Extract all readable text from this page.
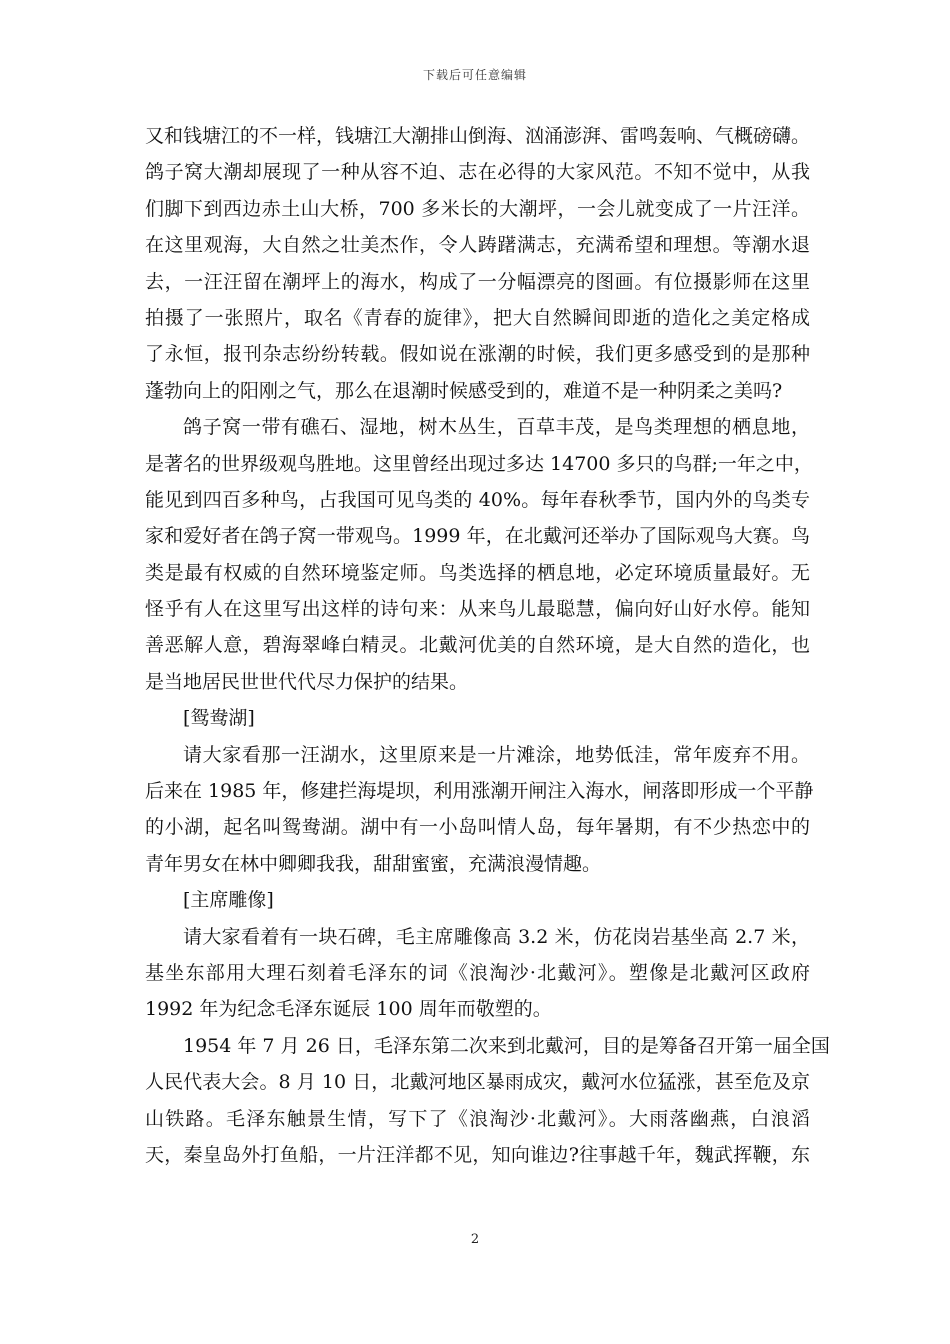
下载后可任意编辑
又和钱塘江的不一样，钱塘江大潮排山倒海、汹涌澎湃、雷鸣轰响、气概磅礴。
鸽子窝大潮却展现了一种从容不迫、志在必得的大家风范。不知不觉中，从我
们脚下到西边赤土山大桥，700 多米长的大潮坪，一会儿就变成了一片汪洋。
在这里观海，大自然之壮美杰作，令人踌躇满志，充满希望和理想。等潮水退
去，一汪汪留在潮坪上的海水，构成了一分幅漂亮的图画。有位摄影师在这里
拍摄了一张照片，取名《青春的旋律》，把大自然瞬间即逝的造化之美定格成
了永恒，报刊杂志纷纷转载。假如说在涨潮的时候，我们更多感受到的是那种
蓬勃向上的阳刚之气，那么在退潮时候感受到的，难道不是一种阴柔之美吗?
鸽子窝一带有礁石、湿地，树木丛生，百草丰茂，是鸟类理想的栖息地，
是著名的世界级观鸟胜地。这里曾经出现过多达 14700 多只的鸟群;一年之中，
能见到四百多种鸟，占我国可见鸟类的 40%。每年春秋季节，国内外的鸟类专
家和爱好者在鸽子窝一带观鸟。1999 年，在北戴河还举办了国际观鸟大赛。鸟
类是最有权威的自然环境鉴定师。鸟类选择的栖息地，必定环境质量最好。无
怪乎有人在这里写出这样的诗句来：从来鸟儿最聪慧，偏向好山好水停。能知
善恶解人意，碧海翠峰白精灵。北戴河优美的自然环境，是大自然的造化，也
是当地居民世世代代尽力保护的结果。
[鸳鸯湖]
请大家看那一汪湖水，这里原来是一片滩涂，地势低洼，常年废弃不用。
后来在 1985 年，修建拦海堤坝，利用涨潮开闸注入海水，闸落即形成一个平静
的小湖，起名叫鸳鸯湖。湖中有一小岛叫情人岛，每年暑期，有不少热恋中的
青年男女在林中卿卿我我，甜甜蜜蜜，充满浪漫情趣。
[主席雕像]
请大家看着有一块石碑，毛主席雕像高 3.2 米，仿花岗岩基坐高 2.7 米，
基坐东部用大理石刻着毛泽东的词《浪淘沙·北戴河》。塑像是北戴河区政府
1992 年为纪念毛泽东诞辰 100 周年而敬塑的。
1954 年 7 月 26 日，毛泽东第二次来到北戴河，目的是筹备召开第一届全国
人民代表大会。8 月 10 日，北戴河地区暴雨成灾，戴河水位猛涨，甚至危及京
山铁路。毛泽东触景生情，写下了《浪淘沙·北戴河》。大雨落幽燕，白浪滔
天，秦皇岛外打鱼船，一片汪洋都不见，知向谁边?往事越千年，魏武挥鞭，东
2
